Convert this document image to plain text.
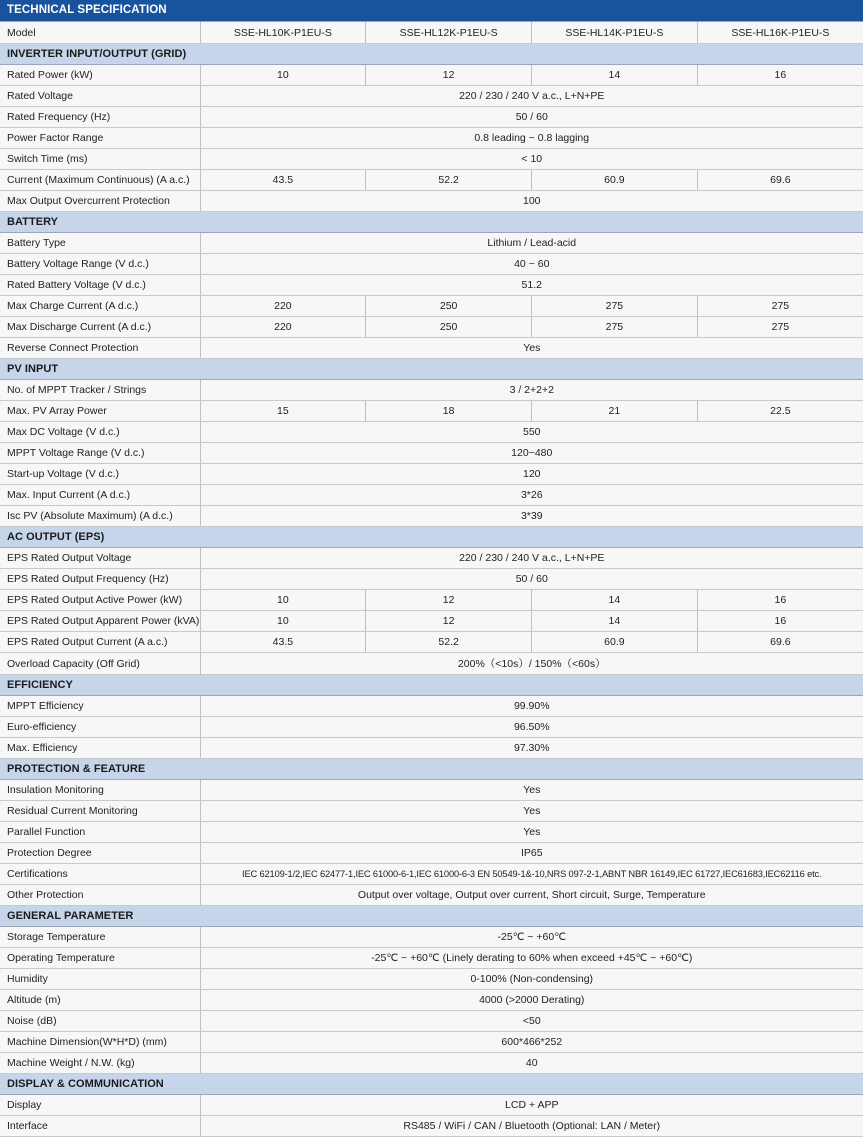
TECHNICAL SPECIFICATION				
Model	SSE-HL10K-P1EU-S	SSE-HL12K-P1EU-S	SSE-HL14K-P1EU-S	SSE-HL16K-P1EU-S
INVERTER INPUT/OUTPUT (GRID)				
Rated Power (kW)	10	12	14	16
Rated Voltage	220 / 230 / 240 V a.c., L+N+PE			
Rated Frequency (Hz)	50 / 60			
Power Factor Range	0.8 leading ~ 0.8 lagging			
Switch Time (ms)	< 10			
Current (Maximum Continuous) (A a.c.)	43.5	52.2	60.9	69.6
Max Output Overcurrent Protection	100			
BATTERY				
Battery Type	Lithium / Lead-acid			
Battery Voltage Range (V d.c.)	40 ~ 60			
Rated Battery Voltage (V d.c.)	51.2			
Max Charge Current (A d.c.)	220	250	275	275
Max Discharge Current (A d.c.)	220	250	275	275
Reverse Connect Protection	Yes			
PV INPUT				
No. of MPPT Tracker / Strings	3 / 2+2+2			
Max. PV Array Power	15	18	21	22.5
Max DC Voltage (V d.c.)	550			
MPPT Voltage Range (V d.c.)	120~480			
Start-up Voltage (V d.c.)	120			
Max. Input Current (A d.c.)	3*26			
Isc PV (Absolute Maximum) (A d.c.)	3*39			
AC OUTPUT (EPS)				
EPS Rated Output Voltage	220 / 230 / 240 V a.c., L+N+PE			
EPS Rated Output Frequency (Hz)	50 / 60			
EPS Rated Output Active Power (kW)	10	12	14	16
EPS Rated Output Apparent Power (kVA)	10	12	14	16
EPS Rated Output Current (A a.c.)	43.5	52.2	60.9	69.6
Overload Capacity (Off Grid)	200%（<10s）/ 150%（<60s）			
EFFICIENCY				
MPPT Efficiency	99.90%			
Euro-efficiency	96.50%			
Max. Efficiency	97.30%			
PROTECTION & FEATURE				
Insulation Monitoring	Yes			
Residual Current Monitoring	Yes			
Parallel Function	Yes			
Protection Degree	IP65			
Certifications	IEC 62109-1/2,IEC 62477-1,IEC 61000-6-1,IEC 61000-6-3 EN 50549-1&-10,NRS 097-2-1,ABNT NBR 16149,IEC 61727,IEC61683,IEC62116 etc.			
Other Protection	Output over voltage, Output over current, Short circuit, Surge, Temperature			
GENERAL PARAMETER				
Storage Temperature	-25℃ ~ +60℃			
Operating Temperature	-25℃ ~ +60℃ (Linely derating to 60% when exceed +45℃ ~ +60℃)			
Humidity	0-100% (Non-condensing)			
Altitude (m)	4000 (>2000 Derating)			
Noise (dB)	<50			
Machine Dimension(W*H*D) (mm)	600*466*252			
Machine Weight / N.W. (kg)	40			
DISPLAY & COMMUNICATION				
Display	LCD + APP			
Interface	RS485 / WiFi / CAN / Bluetooth (Optional: LAN / Meter)			
